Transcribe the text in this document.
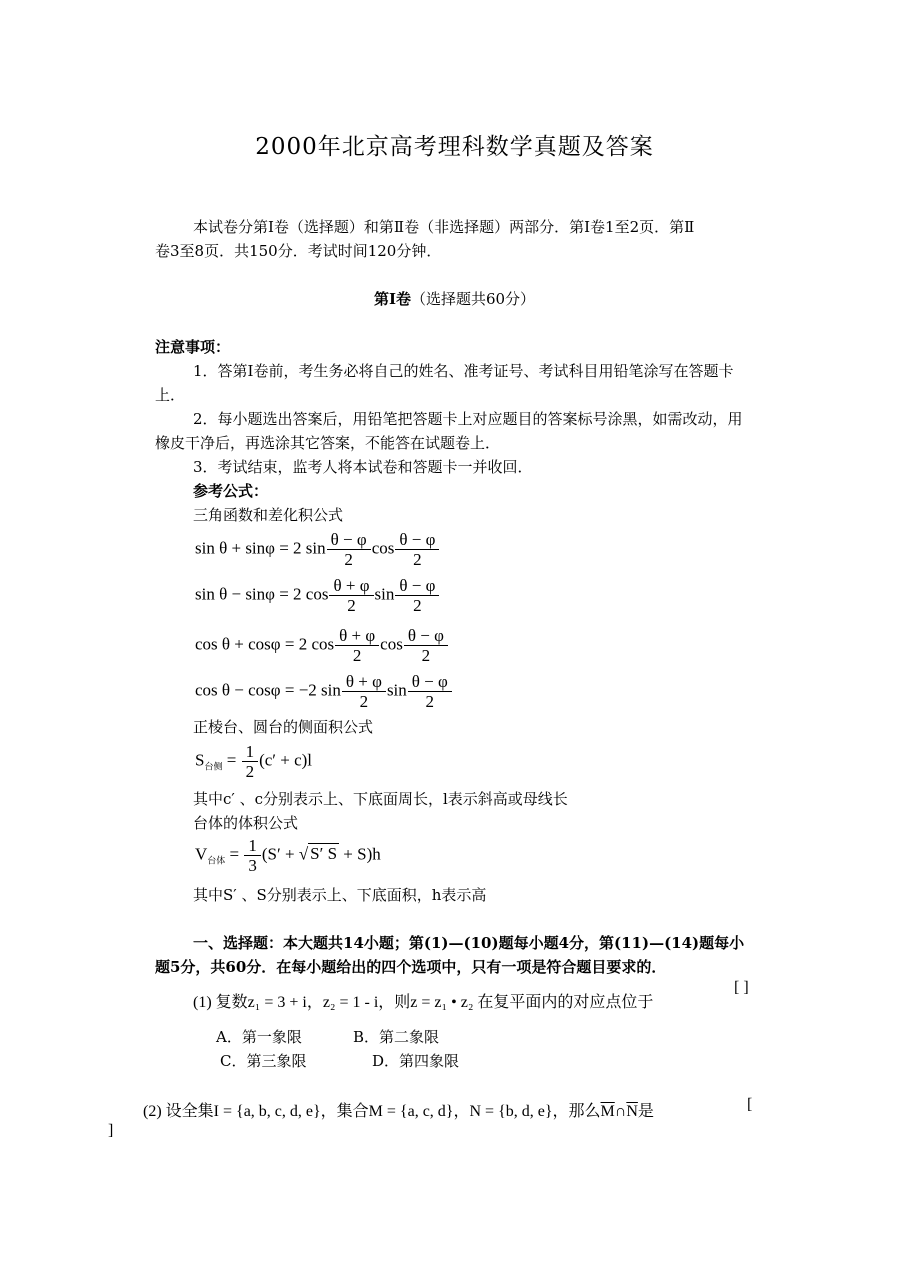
2000年北京高考理科数学真题及答案
本试卷分第Ⅰ卷（选择题）和第Ⅱ卷（非选择题）两部分．第Ⅰ卷1至2页．第Ⅱ
卷3至8页．共150分．考试时间120分钟．
第Ⅰ卷（选择题共60分）
注意事项：
1．答第Ⅰ卷前，考生务必将自己的姓名、准考证号、考试科目用铅笔涂写在答题卡
上．
2．每小题选出答案后，用铅笔把答题卡上对应题目的答案标号涂黑，如需改动，用
橡皮干净后，再选涂其它答案，不能答在试题卷上．
3．考试结束，监考人将本试卷和答题卡一并收回．
参考公式：
三角函数和差化积公式
sin θ + sinφ = 2 $\sin \frac{\theta - \varphi}{2}$ $\cos \frac{\theta - \varphi}{2}$
sin θ − sinφ = 2 $\cos \frac{\theta + \varphi}{2}$ $\sin \frac{\theta - \varphi}{2}$
cos θ + cosφ = 2 $\cos \frac{\theta + \varphi}{2}$ $\cos \frac{\theta - \varphi}{2}$
cos θ − cosφ = −2 $\sin \frac{\theta + \varphi}{2}$ $\sin \frac{\theta - \varphi}{2}$
正棱台、圆台的侧面积公式
$S_{台侧} = \frac{1}{2} (c' + c)l$
其中c′ 、c分别表示上、下底面周长，l表示斜高或母线长
台体的体积公式
$V_{台体} = \frac{1}{3} (S'$ + √ S′ S + S)h
其中S′ 、S分别表示上、下底面积，h表示高
一、选择题：本大题共14小题；第(1)—(10)题每小题4分，第(11)—(14)题每小
题5分，共60分．在每小题给出的四个选项中，只有一项是符合题目要求的．
(1) 复数z₁ = 3 + i，z₂ = 1 - i，则z = z₁ • z₂ 在复平面内的对应点位于
[ ]
A．第一象限	B．第二象限
C．第三象限	D．第四象限
(2) 设全集I = {a, b, c, d, e}，集合M = {a, c, d}，N = {b, d, e}，那么$\overline{M}\cap\overline{N}$是	[
]
